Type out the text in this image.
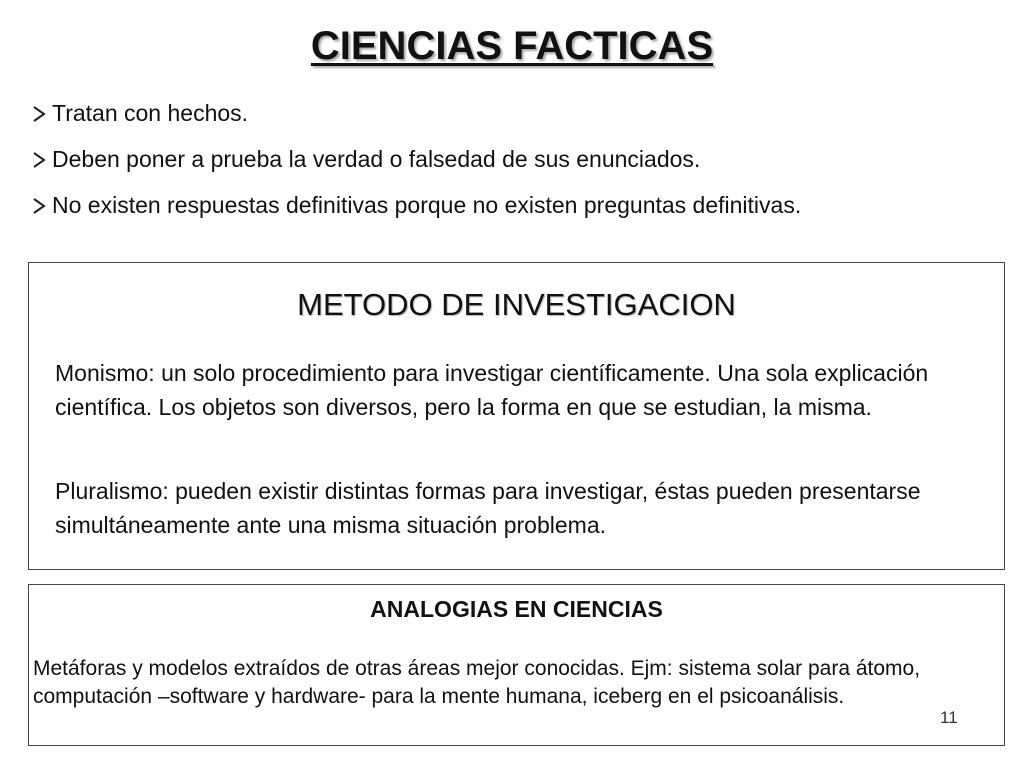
CIENCIAS FACTICAS
Tratan con hechos.
Deben poner a prueba la verdad o falsedad de sus enunciados.
No existen respuestas definitivas porque no existen preguntas definitivas.
METODO DE INVESTIGACION

Monismo: un solo procedimiento para investigar científicamente. Una sola explicación científica. Los objetos son diversos, pero la forma en que se estudian, la misma.

Pluralismo: pueden existir distintas formas para investigar, éstas pueden presentarse simultáneamente ante una misma situación problema.

ANALOGIAS EN CIENCIAS

Metáforas y modelos extraídos de otras áreas mejor conocidas. Ejm: sistema solar para átomo, computación –software y hardware- para la mente humana, iceberg en el psicoanálisis.

11
